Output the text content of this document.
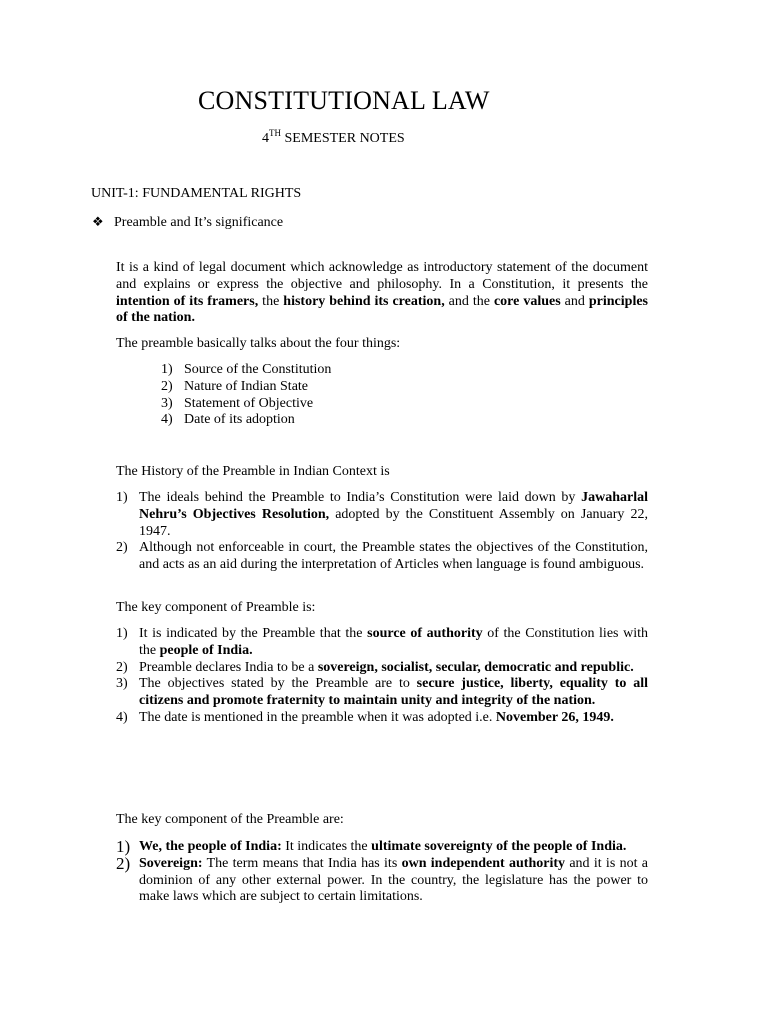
CONSTITUTIONAL LAW
4TH SEMESTER NOTES
UNIT-1: FUNDAMENTAL RIGHTS
❖ Preamble and It’s significance
It is a kind of legal document which acknowledge as introductory statement of the document and explains or express the objective and philosophy. In a Constitution, it presents the intention of its framers, the history behind its creation, and the core values and principles of the nation.
The preamble basically talks about the four things:
1) Source of the Constitution
2) Nature of Indian State
3) Statement of Objective
4) Date of its adoption
The History of the Preamble in Indian Context is
1) The ideals behind the Preamble to India’s Constitution were laid down by Jawaharlal Nehru’s Objectives Resolution, adopted by the Constituent Assembly on January 22, 1947.
2) Although not enforceable in court, the Preamble states the objectives of the Constitution, and acts as an aid during the interpretation of Articles when language is found ambiguous.
The key component of Preamble is:
1) It is indicated by the Preamble that the source of authority of the Constitution lies with the people of India.
2) Preamble declares India to be a sovereign, socialist, secular, democratic and republic.
3) The objectives stated by the Preamble are to secure justice, liberty, equality to all citizens and promote fraternity to maintain unity and integrity of the nation.
4) The date is mentioned in the preamble when it was adopted i.e. November 26, 1949.
The key component of the Preamble are:
1) We, the people of India: It indicates the ultimate sovereignty of the people of India.
2) Sovereign: The term means that India has its own independent authority and it is not a dominion of any other external power. In the country, the legislature has the power to make laws which are subject to certain limitations.
